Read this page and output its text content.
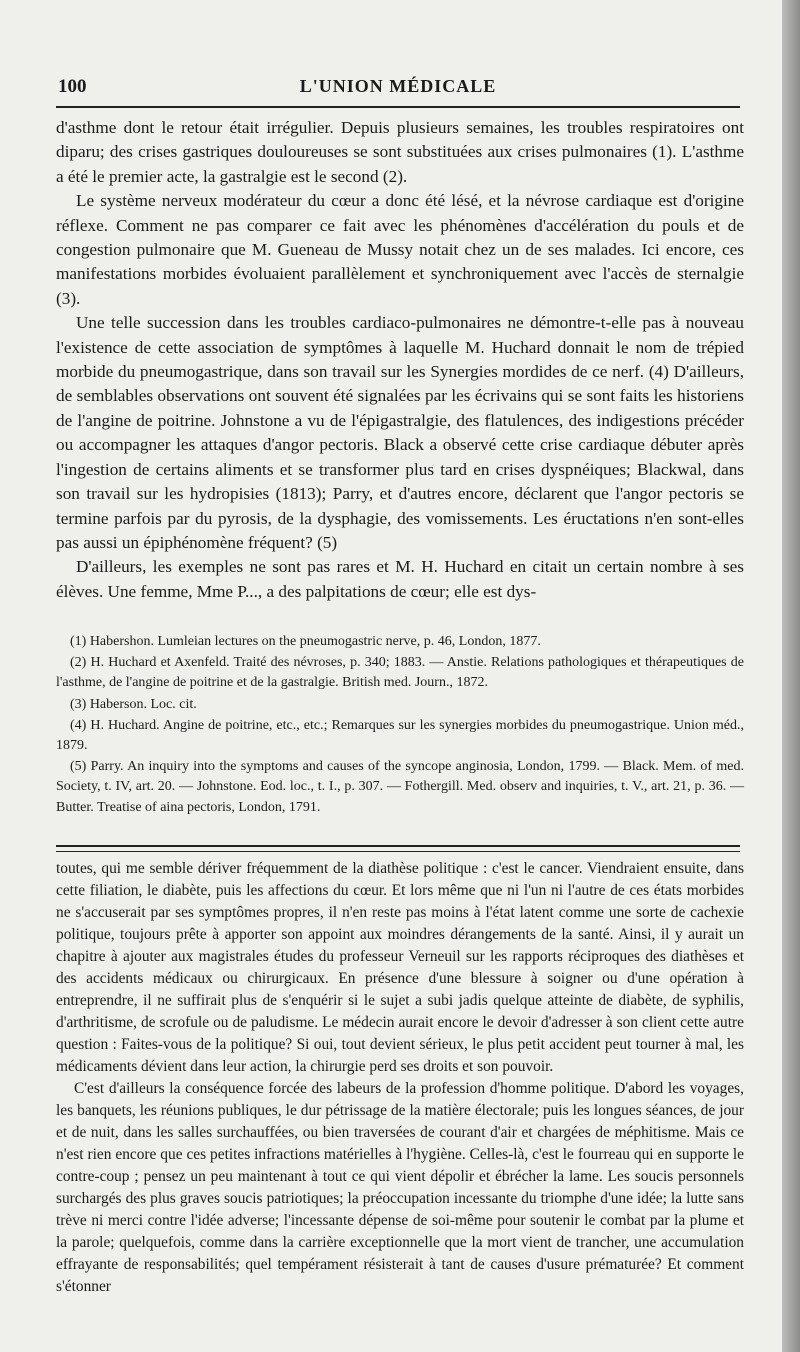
100	L'UNION MÉDICALE

d'asthme dont le retour était irrégulier. Depuis plusieurs semaines, les troubles respiratoires ont diparu; des crises gastriques douloureuses se sont substituées aux crises pulmonaires (1). L'asthme a été le premier acte, la gastralgie est le second (2).

Le système nerveux modérateur du cœur a donc été lésé, et la névrose cardiaque est d'origine réflexe. Comment ne pas comparer ce fait avec les phénomènes d'accélération du pouls et de congestion pulmonaire que M. Gueneau de Mussy notait chez un de ses malades. Ici encore, ces manifestations morbides évoluaient parallèlement et synchroniquement avec l'accès de sternalgie (3).

Une telle succession dans les troubles cardiaco-pulmonaires ne démontre-t-elle pas à nouveau l'existence de cette association de symptômes à laquelle M. Huchard donnait le nom de trépied morbide du pneumogastrique, dans son travail sur les Synergies mordides de ce nerf. (4) D'ailleurs, de semblables observations ont souvent été signalées par les écrivains qui se sont faits les historiens de l'angine de poitrine. Johnstone a vu de l'épigastralgie, des flatulences, des indigestions précéder ou accompagner les attaques d'angor pectoris. Black a observé cette crise cardiaque débuter après l'ingestion de certains aliments et se transformer plus tard en crises dyspnéiques; Blackwal, dans son travail sur les hydropisies (1813); Parry, et d'autres encore, déclarent que l'angor pectoris se termine parfois par du pyrosis, de la dysphagie, des vomissements. Les éructations n'en sont-elles pas aussi un épiphénomène fréquent? (5)

D'ailleurs, les exemples ne sont pas rares et M. H. Huchard en citait un certain nombre à ses élèves. Une femme, Mme P..., a des palpitations de cœur; elle est dys-

(1) Habershon. Lumleian lectures on the pneumogastric nerve, p. 46, London, 1877.

(2) H. Huchard et Axenfeld. Traité des névroses, p. 340; 1883. — Anstie. Relations pathologiques et thérapeutiques de l'asthme, de l'angine de poitrine et de la gastralgie. British med. Journ., 1872.

(3) Haberson. Loc. cit.

(4) H. Huchard. Angine de poitrine, etc., etc.; Remarques sur les synergies morbides du pneumogastrique. Union méd., 1879.

(5) Parry. An inquiry into the symptoms and causes of the syncope anginosia, London, 1799. — Black. Mem. of med. Society, t. IV, art. 20. — Johnstone. Eod. loc., t. I., p. 307. — Fothergill. Med. observ and inquiries, t. V., art. 21, p. 36. — Butter. Treatise of aina pectoris, London, 1791.

toutes, qui me semble dériver fréquemment de la diathèse politique : c'est le cancer. Viendraient ensuite, dans cette filiation, le diabète, puis les affections du cœur. Et lors même que ni l'un ni l'autre de ces états morbides ne s'accuserait par ses symptômes propres, il n'en reste pas moins à l'état latent comme une sorte de cachexie politique, toujours prête à apporter son appoint aux moindres dérangements de la santé. Ainsi, il y aurait un chapitre à ajouter aux magistrales études du professeur Verneuil sur les rapports réciproques des diathèses et des accidents médicaux ou chirurgicaux. En présence d'une blessure à soigner ou d'une opération à entreprendre, il ne suffirait plus de s'enquérir si le sujet a subi jadis quelque atteinte de diabète, de syphilis, d'arthritisme, de scrofule ou de paludisme. Le médecin aurait encore le devoir d'adresser à son client cette autre question : Faites-vous de la politique? Si oui, tout devient sérieux, le plus petit accident peut tourner à mal, les médicaments dévient dans leur action, la chirurgie perd ses droits et son pouvoir.

C'est d'ailleurs la conséquence forcée des labeurs de la profession d'homme politique. D'abord les voyages, les banquets, les réunions publiques, le dur pétrissage de la matière électorale; puis les longues séances, de jour et de nuit, dans les salles surchauffées, ou bien traversées de courant d'air et chargées de méphitisme. Mais ce n'est rien encore que ces petites infractions matérielles à l'hygiène. Celles-là, c'est le fourreau qui en supporte le contre-coup ; pensez un peu maintenant à tout ce qui vient dépolir et ébrécher la lame. Les soucis personnels surchargés des plus graves soucis patriotiques; la préoccupation incessante du triomphe d'une idée; la lutte sans trève ni merci contre l'idée adverse; l'incessante dépense de soi-même pour soutenir le combat par la plume et la parole; quelquefois, comme dans la carrière exceptionnelle que la mort vient de trancher, une accumulation effrayante de responsabilités; quel tempérament résisterait à tant de causes d'usure prématurée? Et comment s'étonner
